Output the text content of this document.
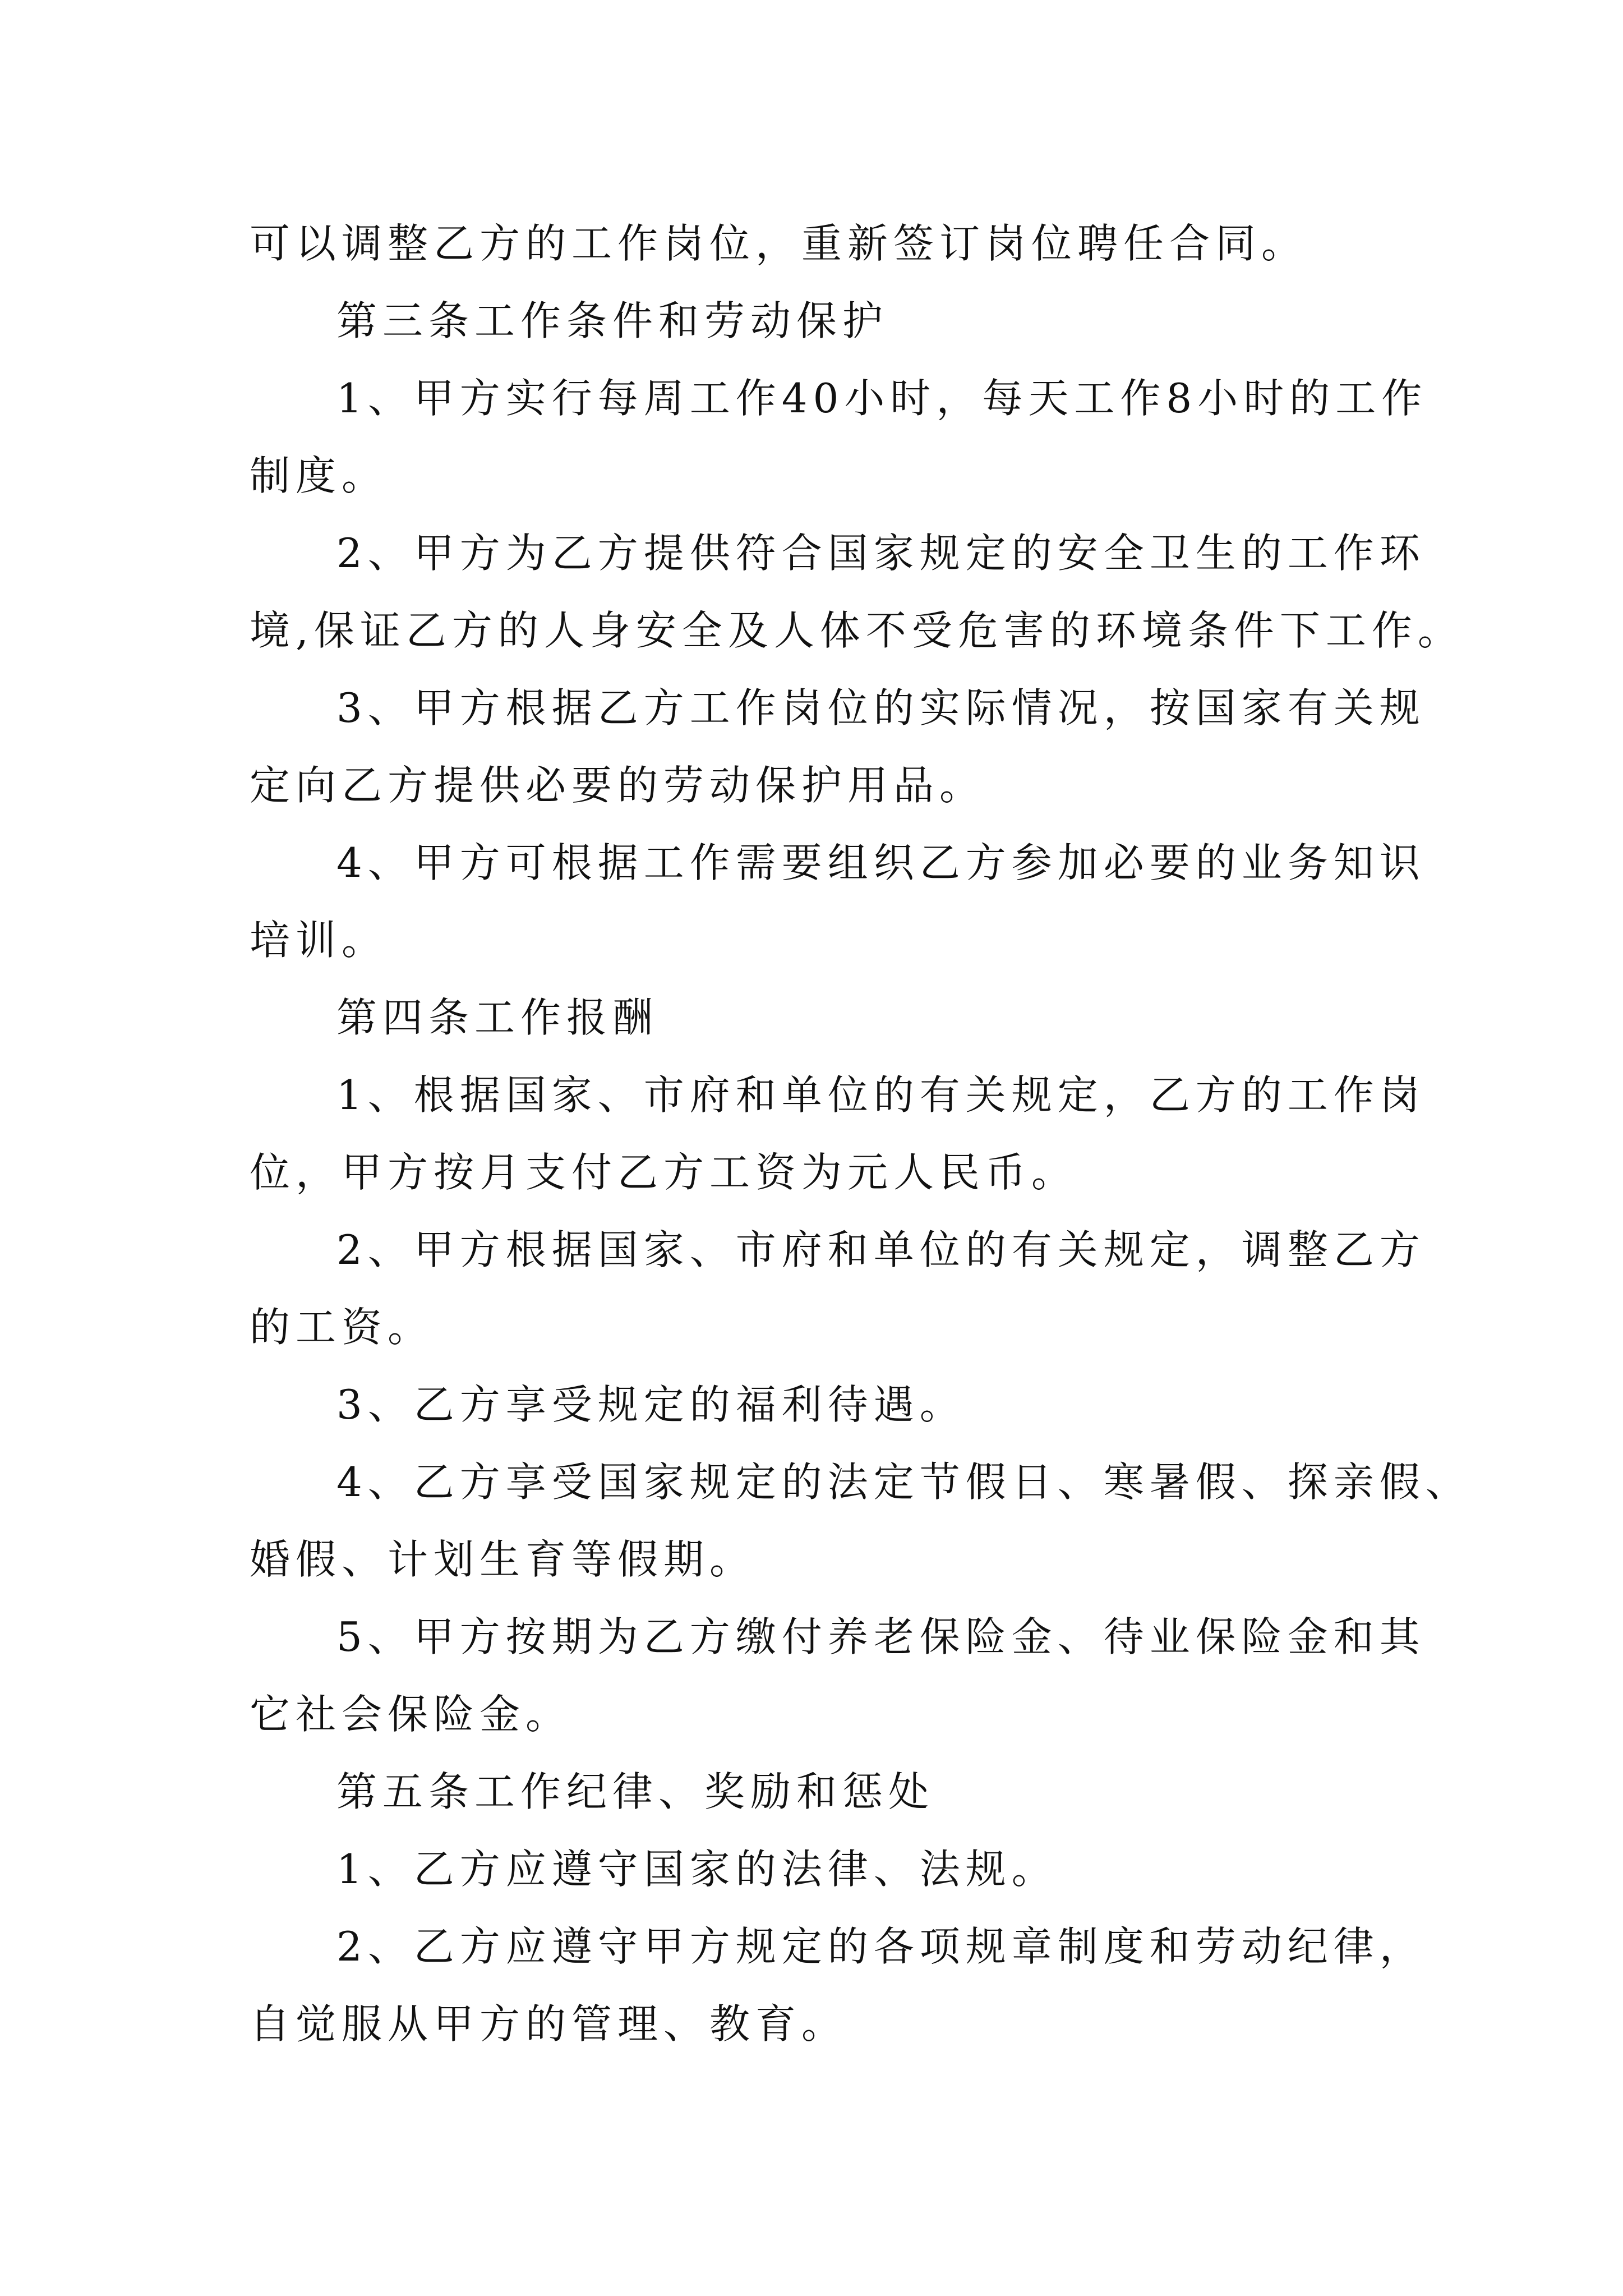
可以调整乙方的工作岗位，重新签订岗位聘任合同。
第三条工作条件和劳动保护
1、甲方实行每周工作40小时，每天工作8小时的工作
制度。
2、甲方为乙方提供符合国家规定的安全卫生的工作环
境,保证乙方的人身安全及人体不受危害的环境条件下工作。
3、甲方根据乙方工作岗位的实际情况，按国家有关规
定向乙方提供必要的劳动保护用品。
4、甲方可根据工作需要组织乙方参加必要的业务知识
培训。
第四条工作报酬
1、根据国家、市府和单位的有关规定，乙方的工作岗
位，甲方按月支付乙方工资为元人民币。
2、甲方根据国家、市府和单位的有关规定，调整乙方
的工资。
3、乙方享受规定的福利待遇。
4、乙方享受国家规定的法定节假日、寒暑假、探亲假、
婚假、计划生育等假期。
5、甲方按期为乙方缴付养老保险金、待业保险金和其
它社会保险金。
第五条工作纪律、奖励和惩处
1、乙方应遵守国家的法律、法规。
2、乙方应遵守甲方规定的各项规章制度和劳动纪律，
自觉服从甲方的管理、教育。
